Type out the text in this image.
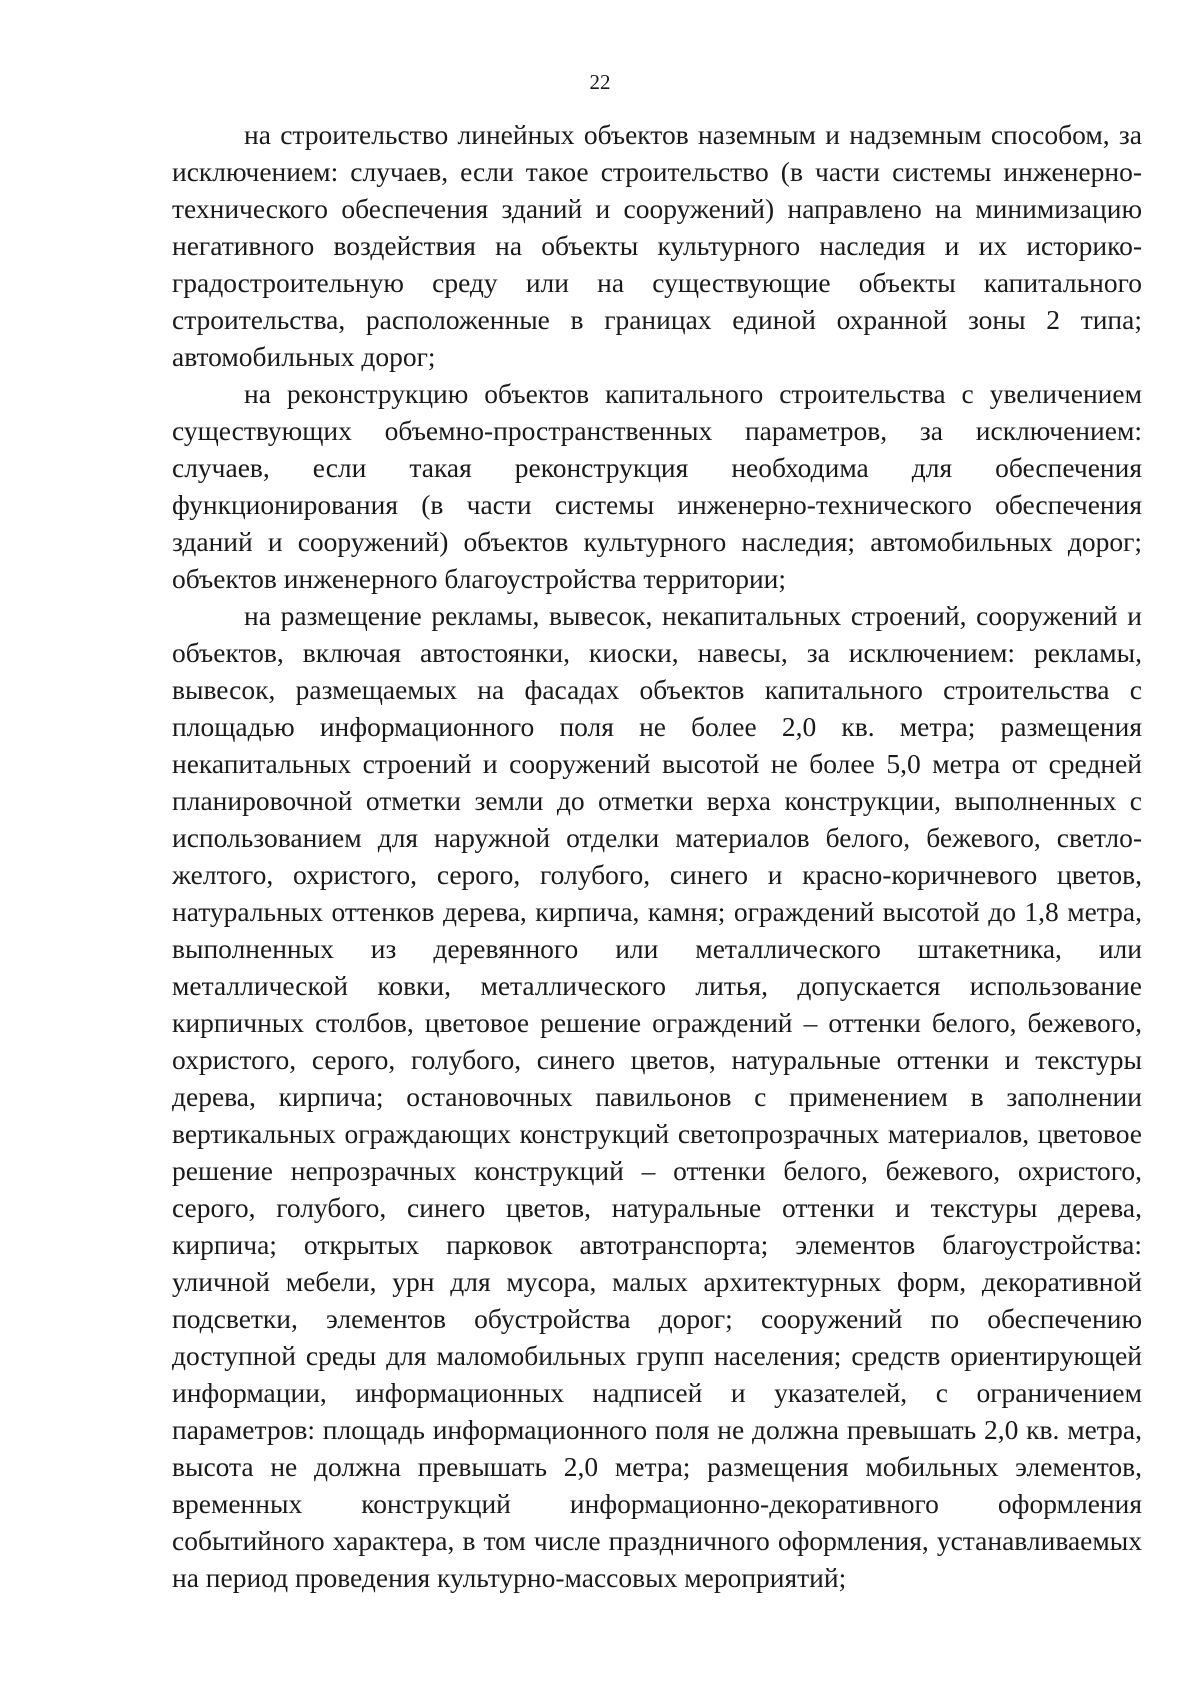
22

на строительство линейных объектов наземным и надземным способом, за исключением: случаев, если такое строительство (в части системы инженерно-технического обеспечения зданий и сооружений) направлено на минимизацию негативного воздействия на объекты культурного наследия и их историко-градостроительную среду или на существующие объекты капитального строительства, расположенные в границах единой охранной зоны 2 типа; автомобильных дорог;

на реконструкцию объектов капитального строительства с увеличением существующих объемно-пространственных параметров, за исключением: случаев, если такая реконструкция необходима для обеспечения функционирования (в части системы инженерно-технического обеспечения зданий и сооружений) объектов культурного наследия; автомобильных дорог; объектов инженерного благоустройства территории;

на размещение рекламы, вывесок, некапитальных строений, сооружений и объектов, включая автостоянки, киоски, навесы, за исключением: рекламы, вывесок, размещаемых на фасадах объектов капитального строительства с площадью информационного поля не более 2,0 кв. метра; размещения некапитальных строений и сооружений высотой не более 5,0 метра от средней планировочной отметки земли до отметки верха конструкции, выполненных с использованием для наружной отделки материалов белого, бежевого, светло-желтого, охристого, серого, голубого, синего и красно-коричневого цветов, натуральных оттенков дерева, кирпича, камня; ограждений высотой до 1,8 метра, выполненных из деревянного или металлического штакетника, или металлической ковки, металлического литья, допускается использование кирпичных столбов, цветовое решение ограждений – оттенки белого, бежевого, охристого, серого, голубого, синего цветов, натуральные оттенки и текстуры дерева, кирпича; остановочных павильонов с применением в заполнении вертикальных ограждающих конструкций светопрозрачных материалов, цветовое решение непрозрачных конструкций – оттенки белого, бежевого, охристого, серого, голубого, синего цветов, натуральные оттенки и текстуры дерева, кирпича; открытых парковок автотранспорта; элементов благоустройства: уличной мебели, урн для мусора, малых архитектурных форм, декоративной подсветки, элементов обустройства дорог; сооружений по обеспечению доступной среды для маломобильных групп населения; средств ориентирующей информации, информационных надписей и указателей, с ограничением параметров: площадь информационного поля не должна превышать 2,0 кв. метра, высота не должна превышать 2,0 метра; размещения мобильных элементов, временных конструкций информационно-декоративного оформления событийного характера, в том числе праздничного оформления, устанавливаемых на период проведения культурно-массовых мероприятий;
